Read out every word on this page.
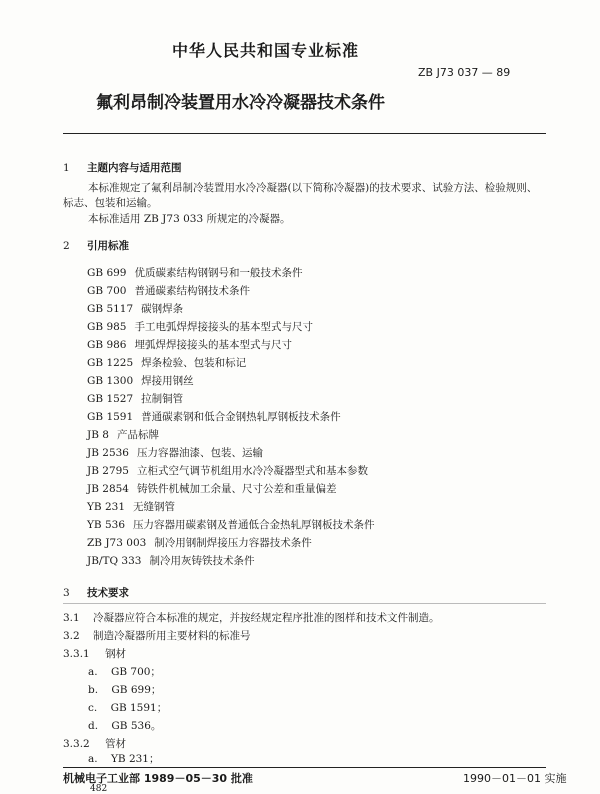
中华人民共和国专业标准
ZB J73 037 — 89
氟利昂制冷装置用水冷冷凝器技术条件
1 主题内容与适用范围
本标准规定了氟利昂制冷装置用水冷冷凝器(以下简称冷凝器)的技术要求、试验方法、检验规则、
标志、包装和运输。
本标准适用 ZB J73 033 所规定的冷凝器。
2 引用标准
GB 699 优质碳素结构钢钢号和一般技术条件
GB 700 普通碳素结构钢技术条件
GB 5117 碳钢焊条
GB 985 手工电弧焊焊接接头的基本型式与尺寸
GB 986 埋弧焊焊接接头的基本型式与尺寸
GB 1225 焊条检验、包装和标记
GB 1300 焊接用钢丝
GB 1527 拉制铜管
GB 1591 普通碳素钢和低合金钢热轧厚钢板技术条件
JB 8 产品标牌
JB 2536 压力容器油漆、包装、运输
JB 2795 立柜式空气调节机组用水冷冷凝器型式和基本参数
JB 2854 铸铁件机械加工余量、尺寸公差和重量偏差
YB 231 无缝钢管
YB 536 压力容器用碳素钢及普通低合金热轧厚钢板技术条件
ZB J73 003 制冷用钢制焊接压力容器技术条件
JB/TQ 333 制冷用灰铸铁技术条件
3 技术要求
3.1 冷凝器应符合本标准的规定，并按经规定程序批准的图样和技术文件制造。
3.2 制造冷凝器所用主要材料的标准号
3.3.1 钢材
a. GB 700；
b. GB 699；
c. GB 1591；
d. GB 536。
3.3.2 管材
a. YB 231；
机械电子工业部 1989－05－30 批准	1990－01－01 实施
482
